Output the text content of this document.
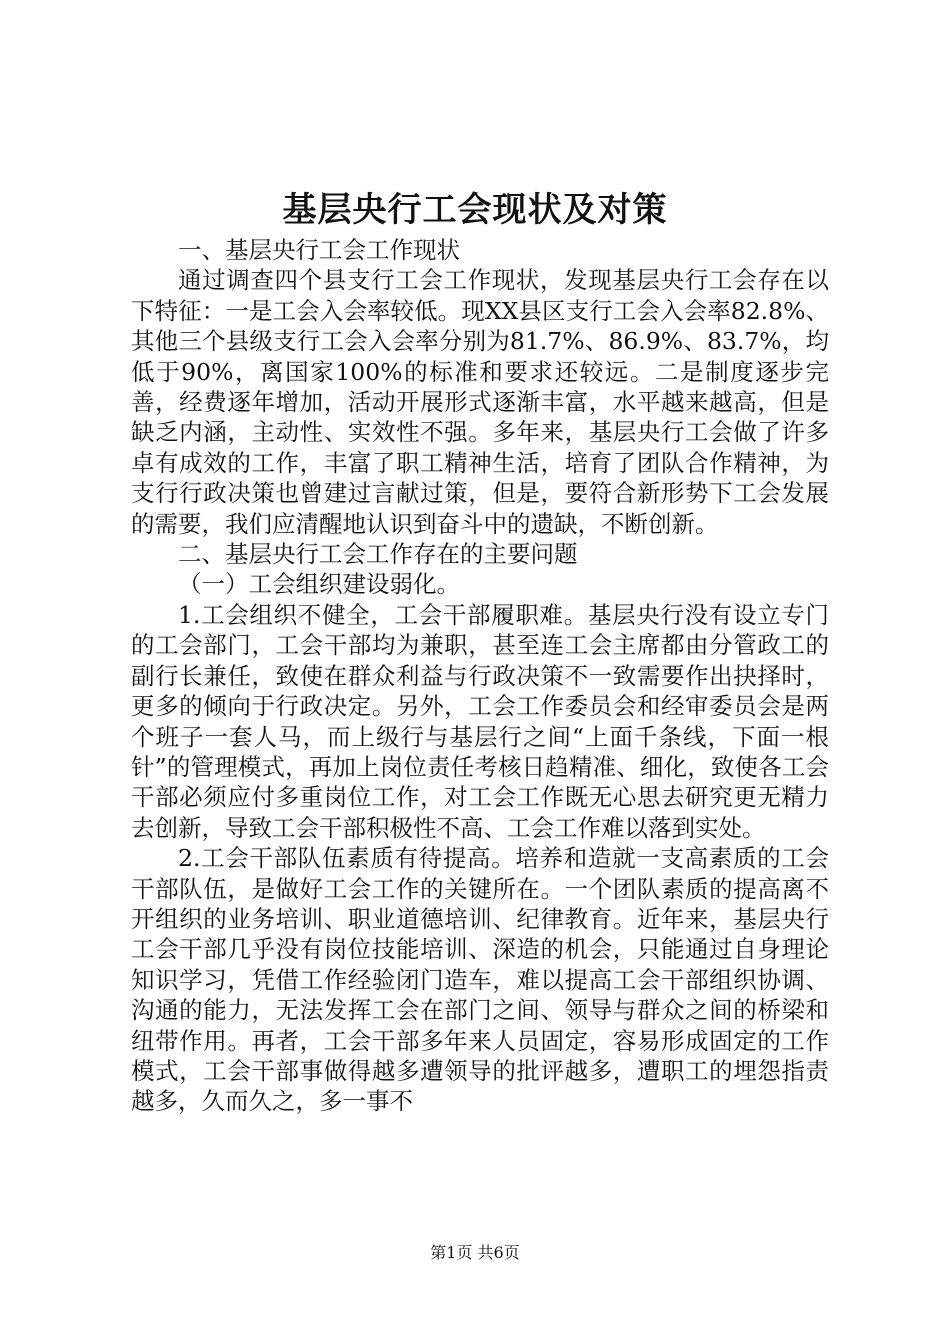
基层央行工会现状及对策

一、基层央行工会工作现状

通过调查四个县支行工会工作现状，发现基层央行工会存在以下特征：一是工会入会率较低。现XX县区支行工会入会率82.8%、其他三个县级支行工会入会率分别为81.7%、86.9%、83.7%，均低于90%，离国家100%的标准和要求还较远。二是制度逐步完善，经费逐年增加，活动开展形式逐渐丰富，水平越来越高，但是缺乏内涵，主动性、实效性不强。多年来，基层央行工会做了许多卓有成效的工作，丰富了职工精神生活，培育了团队合作精神，为支行行政决策也曾建过言献过策，但是，要符合新形势下工会发展的需要，我们应清醒地认识到奋斗中的遗缺，不断创新。

二、基层央行工会工作存在的主要问题

（一）工会组织建设弱化。

1.工会组织不健全，工会干部履职难。基层央行没有设立专门的工会部门，工会干部均为兼职，甚至连工会主席都由分管政工的副行长兼任，致使在群众利益与行政决策不一致需要作出抉择时，更多的倾向于行政决定。另外，工会工作委员会和经审委员会是两个班子一套人马，而上级行与基层行之间“上面千条线，下面一根针”的管理模式，再加上岗位责任考核日趋精准、细化，致使各工会干部必须应付多重岗位工作，对工会工作既无心思去研究更无精力去创新，导致工会干部积极性不高、工会工作难以落到实处。

2.工会干部队伍素质有待提高。培养和造就一支高素质的工会干部队伍，是做好工会工作的关键所在。一个团队素质的提高离不开组织的业务培训、职业道德培训、纪律教育。近年来，基层央行工会干部几乎没有岗位技能培训、深造的机会，只能通过自身理论知识学习，凭借工作经验闭门造车，难以提高工会干部组织协调、沟通的能力，无法发挥工会在部门之间、领导与群众之间的桥梁和纽带作用。再者，工会干部多年来人员固定，容易形成固定的工作模式，工会干部事做得越多遭领导的批评越多，遭职工的埋怨指责越多，久而久之，多一事不

第1页 共6页
